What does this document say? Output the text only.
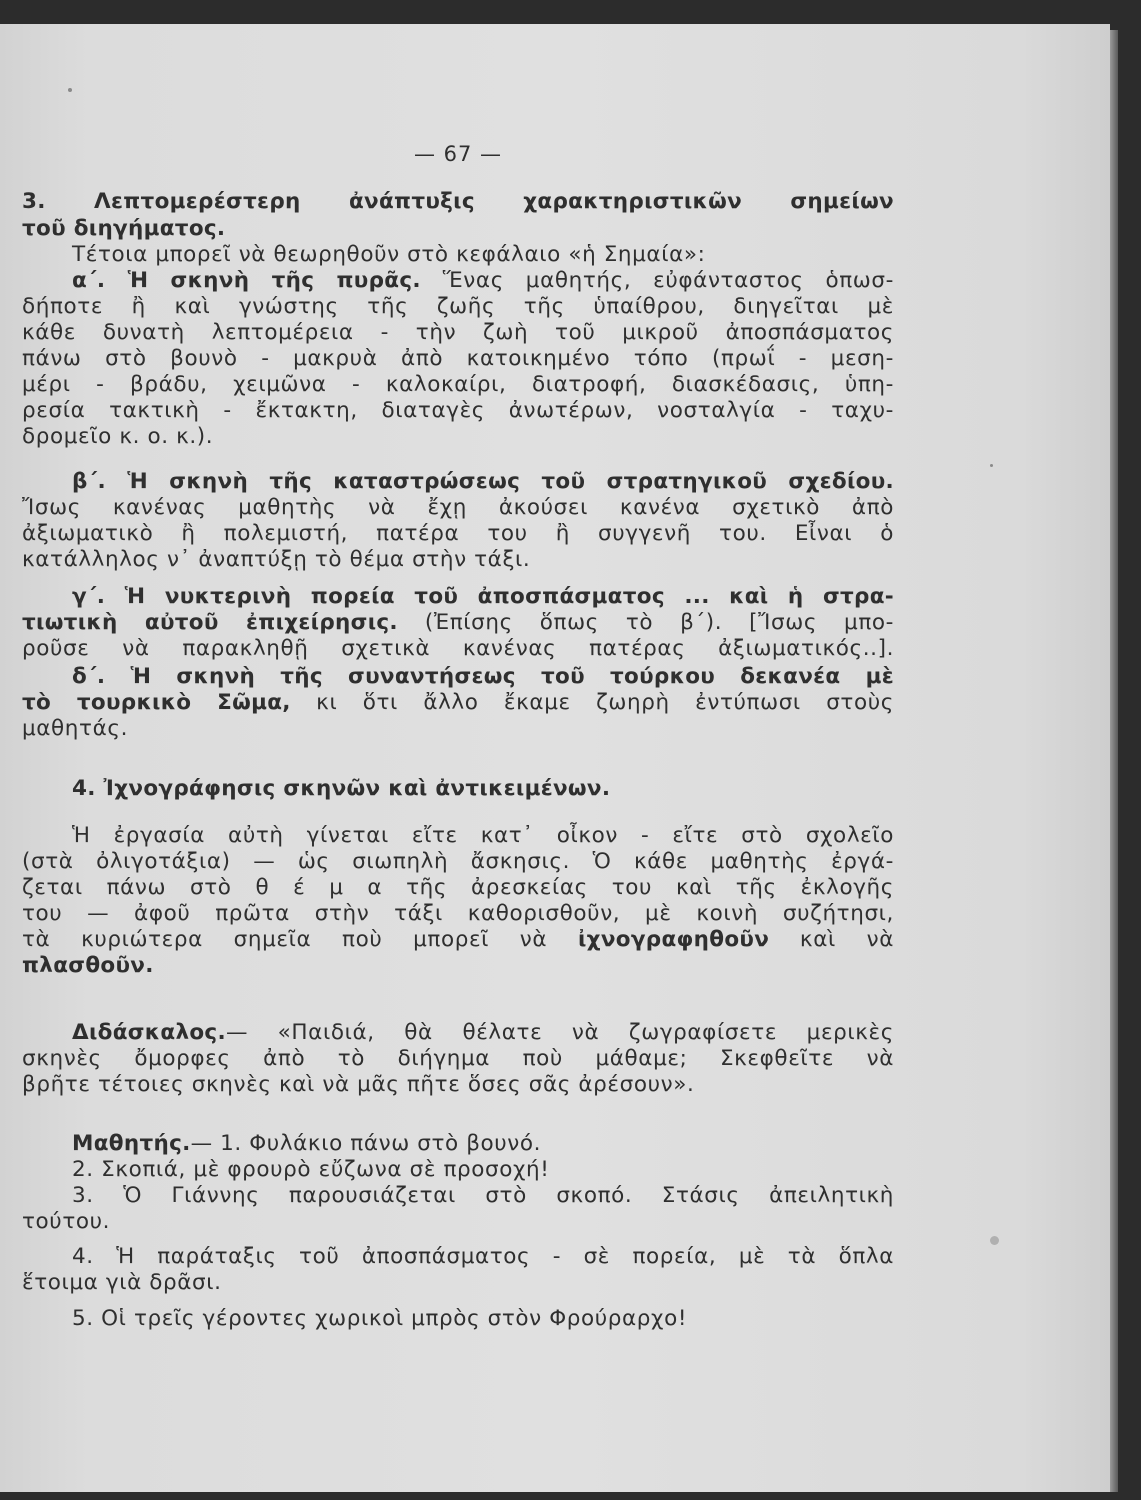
— 67 —
3. Λεπτομερέστερη ἀνάπτυξις χαρακτηριστικῶν σημείων
τοῦ διηγήματος.
Τέτοια μπορεῖ νὰ θεωρηθοῦν στὸ κεφάλαιο «ἡ Σημαία»:
α΄. Ἡ σκηνὴ τῆς πυρᾶς. Ἕνας μαθητής, εὐφάνταστος ὁπωσ-
δήποτε ἢ καὶ γνώστης τῆς ζωῆς τῆς ὑπαίθρου, διηγεῖται μὲ
κάθε δυνατὴ λεπτομέρεια - τὴν ζωὴ τοῦ μικροῦ ἀποσπάσματος
πάνω στὸ βουνὸ - μακρυὰ ἀπὸ κατοικημένο τόπο (πρωΐ - μεση-
μέρι - βράδυ, χειμῶνα - καλοκαίρι, διατροφή, διασκέδασις, ὑπη-
ρεσία τακτικὴ - ἔκτακτη, διαταγὲς ἀνωτέρων, νοσταλγία - ταχυ-
δρομεῖο κ. ο. κ.).
β΄. Ἡ σκηνὴ τῆς καταστρώσεως τοῦ στρατηγικοῦ σχεδίου.
Ἴσως κανένας μαθητὴς νὰ ἔχῃ ἀκούσει κανένα σχετικὸ ἀπὸ
ἀξιωματικὸ ἢ πολεμιστή, πατέρα του ἢ συγγενῆ του. Εἶναι ὁ
κατάλληλος ν᾽ ἀναπτύξῃ τὸ θέμα στὴν τάξι.
γ΄. Ἡ νυκτερινὴ πορεία τοῦ ἀποσπάσματος ... καὶ ἡ στρα-
τιωτικὴ αὐτοῦ ἐπιχείρησις. (Ἐπίσης ὅπως τὸ β΄). [Ἴσως μπο-
ροῦσε νὰ παρακληθῇ σχετικὰ κανένας πατέρας ἀξιωματικός..].
δ΄. Ἡ σκηνὴ τῆς συναντήσεως τοῦ τούρκου δεκανέα μὲ
τὸ τουρκικὸ Σῶμα, κι ὅτι ἄλλο ἔκαμε ζωηρὴ ἐντύπωσι στοὺς
μαθητάς.
4. Ἰχνογράφησις σκηνῶν καὶ ἀντικειμένων.
Ἡ ἐργασία αὐτὴ γίνεται εἴτε κατ᾽ οἶκον - εἴτε στὸ σχολεῖο
(στὰ ὀλιγοτάξια) — ὡς σιωπηλὴ ἄσκησις. Ὁ κάθε μαθητὴς ἐργά-
ζεται πάνω στὸ θ έ μ α τῆς ἀρεσκείας του καὶ τῆς ἐκλογῆς
του — ἀφοῦ πρῶτα στὴν τάξι καθορισθοῦν, μὲ κοινὴ συζήτησι,
τὰ κυριώτερα σημεῖα ποὺ μπορεῖ νὰ ἰχνογραφηθοῦν καὶ νὰ
πλασθοῦν.
Διδάσκαλος.— «Παιδιά, θὰ θέλατε νὰ ζωγραφίσετε μερικὲς
σκηνὲς ὄμορφες ἀπὸ τὸ διήγημα ποὺ μάθαμε; Σκεφθεῖτε νὰ
βρῆτε τέτοιες σκηνὲς καὶ νὰ μᾶς πῆτε ὅσες σᾶς ἀρέσουν».
Μαθητής.— 1. Φυλάκιο πάνω στὸ βουνό.
2. Σκοπιά, μὲ φρουρὸ εὔζωνα σὲ προσοχή!
3. Ὁ Γιάννης παρουσιάζεται στὸ σκοπό. Στάσις ἀπειλητικὴ
τούτου.
4. Ἡ παράταξις τοῦ ἀποσπάσματος - σὲ πορεία, μὲ τὰ ὅπλα
ἕτοιμα γιὰ δρᾶσι.
5. Οἱ τρεῖς γέροντες χωρικοὶ μπρὸς στὸν Φρούραρχο!
